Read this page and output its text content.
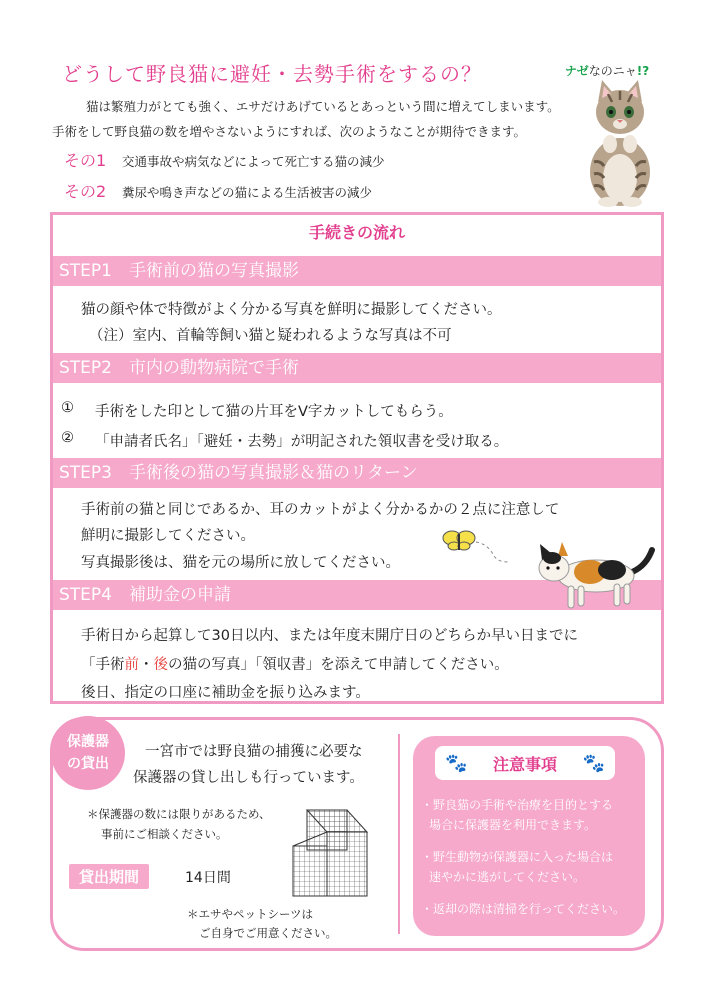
どうして野良猫に避妊・去勢手術をするの？	ナゼなのニャ!?
猫は繁殖力がとても強く、エサだけあげているとあっという間に増えてしまいます。
手術をして野良猫の数を増やさないようにすれば、次のようなことが期待できます。
その1 交通事故や病気などによって死亡する猫の減少
その2 糞尿や鳴き声などの猫による生活被害の減少
手続きの流れ
STEP1　手術前の猫の写真撮影
猫の顔や体で特徴がよく分かる写真を鮮明に撮影してください。
（注）室内、首輪等飼い猫と疑われるような写真は不可
STEP2　市内の動物病院で手術
① 手術をした印として猫の片耳をV字カットしてもらう。
② 「申請者氏名」「避妊・去勢」が明記された領収書を受け取る。
STEP3　手術後の猫の写真撮影＆猫のリターン
手術前の猫と同じであるか、耳のカットがよく分かるかの２点に注意して
鮮明に撮影してください。
写真撮影後は、猫を元の場所に放してください。
STEP4　補助金の申請
手術日から起算して30日以内、または年度末開庁日のどちらか早い日までに
「手術前・後の猫の写真」「領収書」を添えて申請してください。
後日、指定の口座に補助金を振り込みます。
保護器
の貸出
一宮市では野良猫の捕獲に必要な
保護器の貸し出しも行っています。
＊保護器の数には限りがあるため、
事前にご相談ください。
貸出期間	14日間
＊エサやペットシーツは
ご自身でご用意ください。
🐾 注意事項 🐾
・野良猫の手術や治療を目的とする
場合に保護器を利用できます。
・野生動物が保護器に入った場合は
速やかに逃がしてください。
・返却の際は清掃を行ってください。
